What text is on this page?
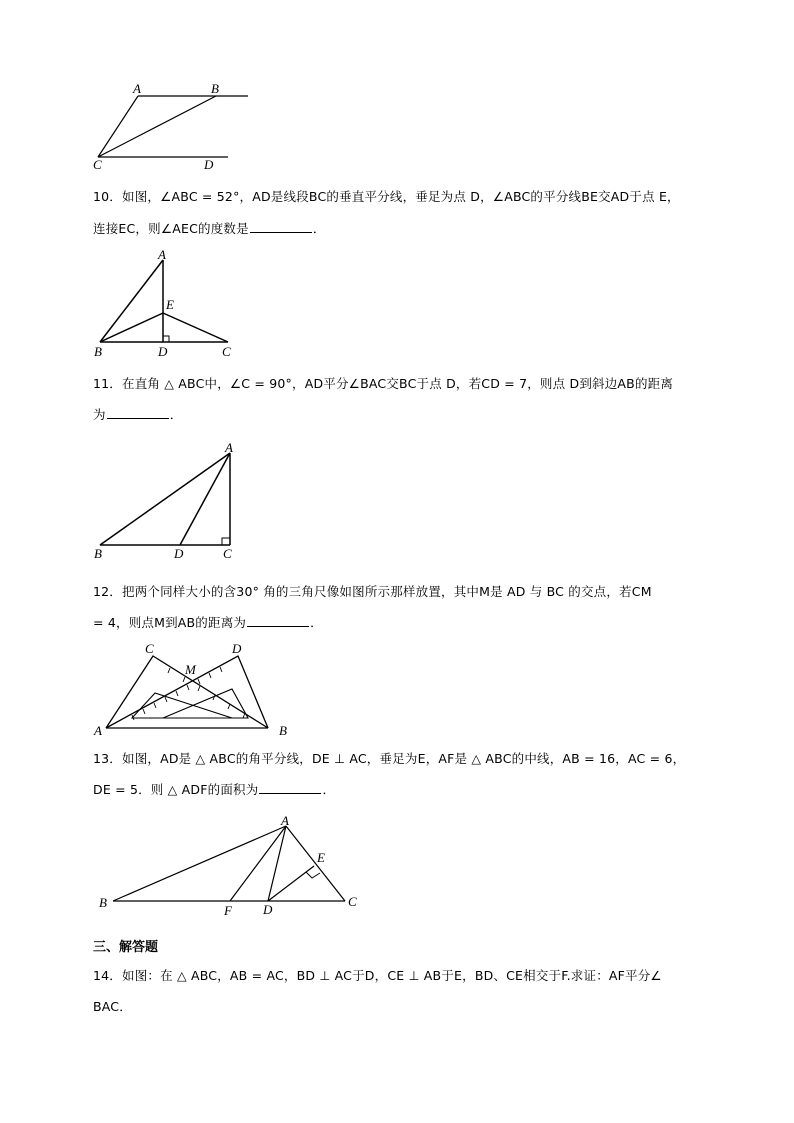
A	B
C	D
10．如图，∠ABC = 52°，AD是线段BC的垂直平分线，垂足为点 D，∠ABC的平分线BE交AD于点 E，
连接EC，则∠AEC的度数是	．
A
E
B	D	C
11．在直角 △ ABC中，∠C = 90°，AD平分∠BAC交BC于点 D，若CD = 7，则点 D到斜边AB的距离
为	．
A
B	D	C
12．把两个同样大小的含30° 角的三角尺像如图所示那样放置，其中M是 AD 与 BC 的交点，若CM
= 4，则点M到AB的距离为	．
C	D
M
A	B
13．如图，AD是 △ ABC的角平分线，DE ⊥ AC，垂足为E，AF是 △ ABC的中线，AB = 16，AC = 6，
DE = 5．则 △ ADF的面积为	．
A
E
B
F D
C
三、解答题
14．如图：在 △ ABC，AB = AC，BD ⊥ AC于D，CE ⊥ AB于E，BD、CE相交于F.求证：AF平分∠
BAC．
